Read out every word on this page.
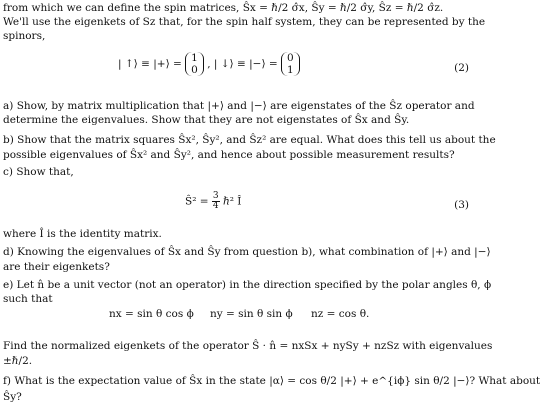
from which we can define the spin matrices, Ŝx = ℏ/2 σ̂x, Ŝy = ℏ/2 σ̂y, Ŝz = ℏ/2 σ̂z.
We'll use the eigenkets of Sz that, for the spin half system, they can be represented by the
spinors,
| ↑⟩ ≡ |+⟩ = 1
0 , | ↓⟩ ≡ |−⟩ = 0
1	(2)
a) Show, by matrix multiplication that |+⟩ and |−⟩ are eigenstates of the Ŝz operator and
determine the eigenvalues. Show that they are not eigenstates of Ŝx and Ŝy.
b) Show that the matrix squares Ŝx², Ŝy², and Ŝz² are equal. What does this tell us about the
possible eigenvalues of Ŝx² and Ŝy², and hence about possible measurement results?
c) Show that,
Ŝ² = $\frac{3}{4}$ ℏ² Î	(3)
where Î is the identity matrix.
d) Knowing the eigenvalues of Ŝx and Ŝy from question b), what combination of |+⟩ and |−⟩
are their eigenkets?
e) Let n̂ be a unit vector (not an operator) in the direction specified by the polar angles θ, ϕ
such that
nx = sin θ cos ϕ ny = sin θ sin ϕ nz = cos θ.
Find the normalized eigenkets of the operator Ŝ · n̂ = nxSx + nySy + nzSz with eigenvalues
±ℏ/2.
f) What is the expectation value of Ŝx in the state |α⟩ = cos θ/2 |+⟩ + e^{iϕ} sin θ/2 |−⟩? What about
Ŝy?
